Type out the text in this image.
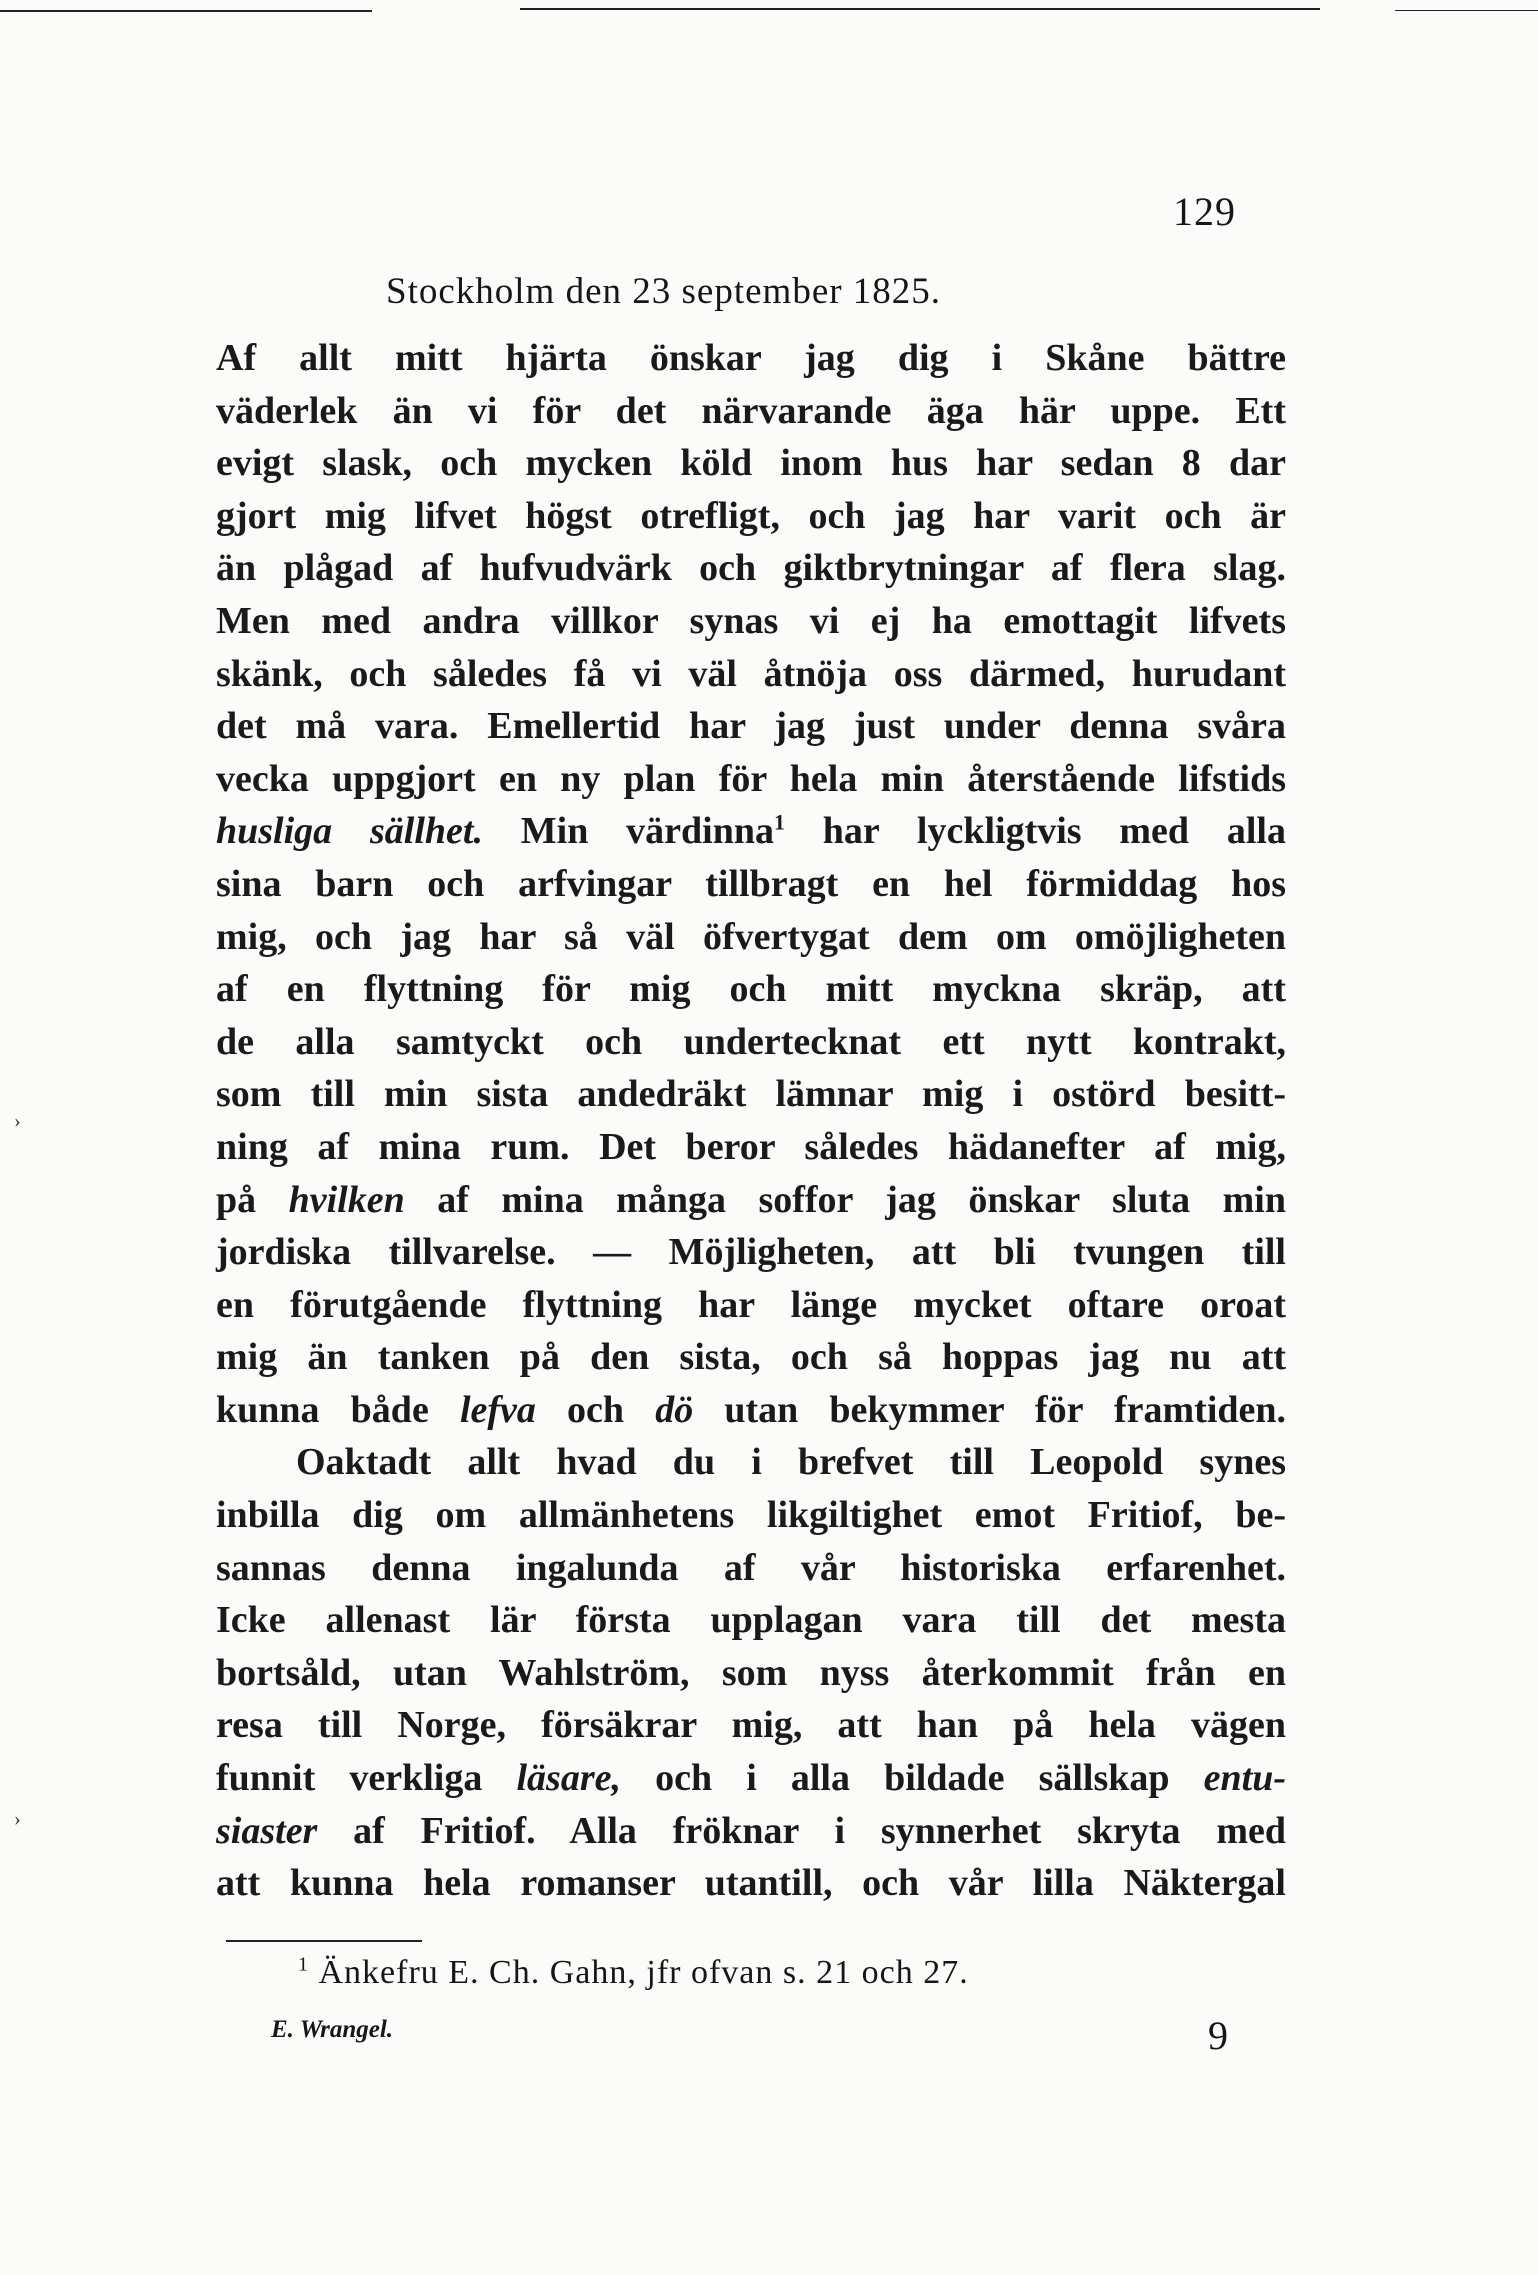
129
Stockholm den 23 september 1825.
Af allt mitt hjärta önskar jag dig i Skåne bättre
väderlek än vi för det närvarande äga här uppe. Ett
evigt slask, och mycken köld inom hus har sedan 8 dar
gjort mig lifvet högst otrefligt, och jag har varit och är
än plågad af hufvudvärk och giktbrytningar af flera slag.
Men med andra villkor synas vi ej ha emottagit lifvets
skänk, och således få vi väl åtnöja oss därmed, hurudant
det må vara. Emellertid har jag just under denna svåra
vecka uppgjort en ny plan för hela min återstående lifstids
husliga sällhet. Min värdinna$^1$ har lyckligtvis med alla
sina barn och arfvingar tillbragt en hel förmiddag hos
mig, och jag har så väl öfvertygat dem om omöjligheten
af en flyttning för mig och mitt myckna skräp, att
de alla samtyckt och undertecknat ett nytt kontrakt,
som till min sista andedräkt lämnar mig i ostörd besitt-
ning af mina rum. Det beror således hädanefter af mig,
på hvilken af mina många soffor jag önskar sluta min
jordiska tillvarelse. — Möjligheten, att bli tvungen till
en förutgående flyttning har länge mycket oftare oroat
mig än tanken på den sista, och så hoppas jag nu att
kunna både lefva och dö utan bekymmer för framtiden.
Oaktadt allt hvad du i brefvet till Leopold synes
inbilla dig om allmänhetens likgiltighet emot Fritiof, be-
sannas denna ingalunda af vår historiska erfarenhet.
Icke allenast lär första upplagan vara till det mesta
bortsåld, utan Wahlström, som nyss återkommit från en
resa till Norge, försäkrar mig, att han på hela vägen
funnit verkliga läsare, och i alla bildade sällskap entu-
siaster af Fritiof. Alla fröknar i synnerhet skryta med
att kunna hela romanser utantill, och vår lilla Näktergal
$^1$ Änkefru E. Ch. Gahn, jfr ofvan s. 21 och 27.
E. Wrangel.	9
›
›
